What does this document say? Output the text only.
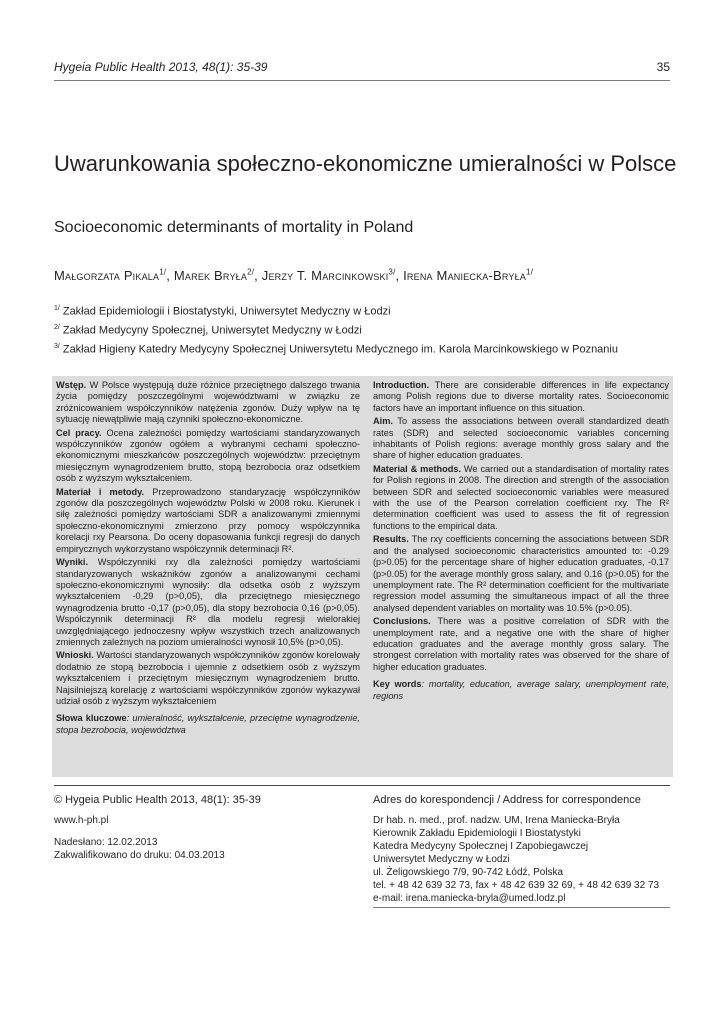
Hygeia Public Health 2013, 48(1): 35-39	35
Uwarunkowania społeczno-ekonomiczne umieralności w Polsce
Socioeconomic determinants of mortality in Poland
Małgorzata Pikala$^{1/}$, Marek Bryła$^{2/}$, Jerzy T. Marcinkowski$^{3/}$, Irena Maniecka-Bryła$^{1/}$
$^{1/}$ Zakład Epidemiologii i Biostatystyki, Uniwersytet Medyczny w Łodzi
$^{2/}$ Zakład Medycyny Społecznej, Uniwersytet Medyczny w Łodzi
$^{3/}$ Zakład Higieny Katedry Medycyny Społecznej Uniwersytetu Medycznego im. Karola Marcinkowskiego w Poznaniu

Wstęp. W Polsce występują duże różnice przeciętnego dalszego trwania życia pomiędzy poszczególnymi województwami w związku ze zróżnicowaniem współczynników natężenia zgonów. Duży wpływ na tę sytuację niewątpliwie mają czynniki społeczno-ekonomiczne.

Cel pracy. Ocena zależności pomiędzy wartościami standaryzowanych współczynników zgonów ogółem a wybranymi cechami społeczno-ekonomicznymi mieszkańców poszczególnych województw: przeciętnym miesięcznym wynagrodzeniem brutto, stopą bezrobocia oraz odsetkiem osób z wyższym wykształceniem.

Materiał i metody. Przeprowadzono standaryzację współczynników zgonów dla poszczególnych województw Polski w 2008 roku. Kierunek i siłę zależności pomiędzy wartościami SDR a analizowanymi zmiennymi społeczno-ekonomicznymi zmierzono przy pomocy współczynnika korelacji rxy Pearsona. Do oceny dopasowania funkcji regresji do danych empirycznych wykorzystano współczynnik determinacji R².

Wyniki. Współczynniki rxy dla zależności pomiędzy wartościami standaryzowanych wskaźników zgonów a analizowanymi cechami społeczno-ekonomicznymi wynosiły: dla odsetka osób z wyższym wykształceniem -0,29 (p>0,05), dla przeciętnego miesięcznego wynagrodzenia brutto -0,17 (p>0,05), dla stopy bezrobocia 0,16 (p>0,05). Współczynnik determinacji R² dla modelu regresji wielorakiej uwzględniającego jednoczesny wpływ wszystkich trzech analizowanych zmiennych zależnych na poziom umieralności wynosił 10,5% (p>0,05).

Wnioski. Wartości standaryzowanych współczynników zgonów korelowały dodatnio ze stopą bezrobocia i ujemnie z odsetkiem osób z wyższym wykształceniem i przeciętnym miesięcznym wynagrodzeniem brutto. Najsilniejszą korelację z wartościami współczynników zgonów wykazywał udział osób z wyższym wykształceniem

Słowa kluczowe: umieralność, wykształcenie, przeciętne wynagrodzenie, stopa bezrobocia, województwa

Introduction. There are considerable differences in life expectancy among Polish regions due to diverse mortality rates. Socioeconomic factors have an important influence on this situation.

Aim. To assess the associations between overall standardized death rates (SDR) and selected socioeconomic variables concerning inhabitants of Polish regions: average monthly gross salary and the share of higher education graduates.

Material & methods. We carried out a standardisation of mortality rates for Polish regions in 2008. The direction and strength of the association between SDR and selected socioeconomic variables were measured with the use of the Pearson correlation coefficient rxy. The R² determination coefficient was used to assess the fit of regression functions to the empirical data.

Results. The rxy coefficients concerning the associations between SDR and the analysed socioeconomic characteristics amounted to: -0.29 (p>0.05) for the percentage share of higher education graduates, -0.17 (p>0.05) for the average monthly gross salary, and 0.16 (p>0.05) for the unemployment rate. The R² determination coefficient for the multivariate regression model assuming the simultaneous impact of all the three analysed dependent variables on mortality was 10.5% (p>0.05).

Conclusions. There was a positive correlation of SDR with the unemployment rate, and a negative one with the share of higher education graduates and the average monthly gross salary. The strongest correlation with mortality rates was observed for the share of higher education graduates.

Key words: mortality, education, average salary, unemployment rate, regions

© Hygeia Public Health 2013, 48(1): 35-39
www.h-ph.pl
Nadesłano: 12.02.2013
Zakwalifikowano do druku: 04.03.2013
Adres do korespondencji / Address for correspondence
Dr hab. n. med., prof. nadzw. UM, Irena Maniecka-Bryła
Kierownik Zakładu Epidemiologii I Biostatystyki
Katedra Medycyny Społecznej I Zapobiegawczej
Uniwersytet Medyczny w Łodzi
ul. Żeligowskiego 7/9, 90-742 Łódź, Polska
tel. + 48 42 639 32 73, fax + 48 42 639 32 69, + 48 42 639 32 73
e-mail: irena.maniecka-bryla@umed.lodz.pl
